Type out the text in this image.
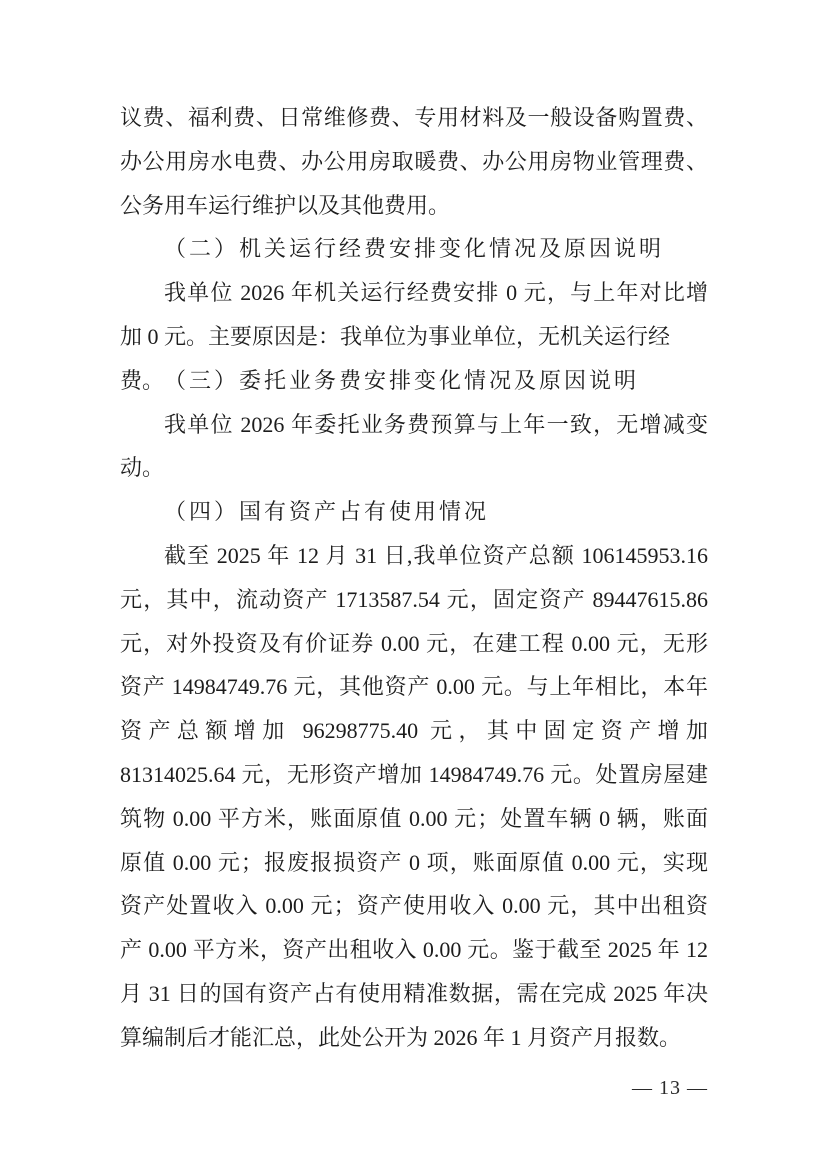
议费、福利费、日常维修费、专用材料及一般设备购置费、
办公用房水电费、办公用房取暖费、办公用房物业管理费、
公务用车运行维护以及其他费用。
（二）机关运行经费安排变化情况及原因说明
我单位 2026 年机关运行经费安排 0 元，与上年对比增
加 0 元。主要原因是：我单位为事业单位，无机关运行经费。 （三）委托业务费安排变化情况及原因说明
我单位 2026 年委托业务费预算与上年一致，无增减变
动。
（四）国有资产占有使用情况
截至 2025 年 12 月 31 日,我单位资产总额 106145953.16
元，其中，流动资产 1713587.54 元，固定资产 89447615.86
元，对外投资及有价证券 0.00 元，在建工程 0.00 元，无形
资产 14984749.76 元，其他资产 0.00 元。与上年相比，本年
资产总额增加 96298775.40 元，其中固定资产增加
81314025.64 元，无形资产增加 14984749.76 元。处置房屋建
筑物 0.00 平方米，账面原值 0.00 元；处置车辆 0 辆，账面
原值 0.00 元；报废报损资产 0 项，账面原值 0.00 元，实现
资产处置收入 0.00 元；资产使用收入 0.00 元，其中出租资
产 0.00 平方米，资产出租收入 0.00 元。鉴于截至 2025 年 12
月 31 日的国有资产占有使用精准数据，需在完成 2025 年决
算编制后才能汇总，此处公开为 2026 年 1 月资产月报数。
— 13 —
